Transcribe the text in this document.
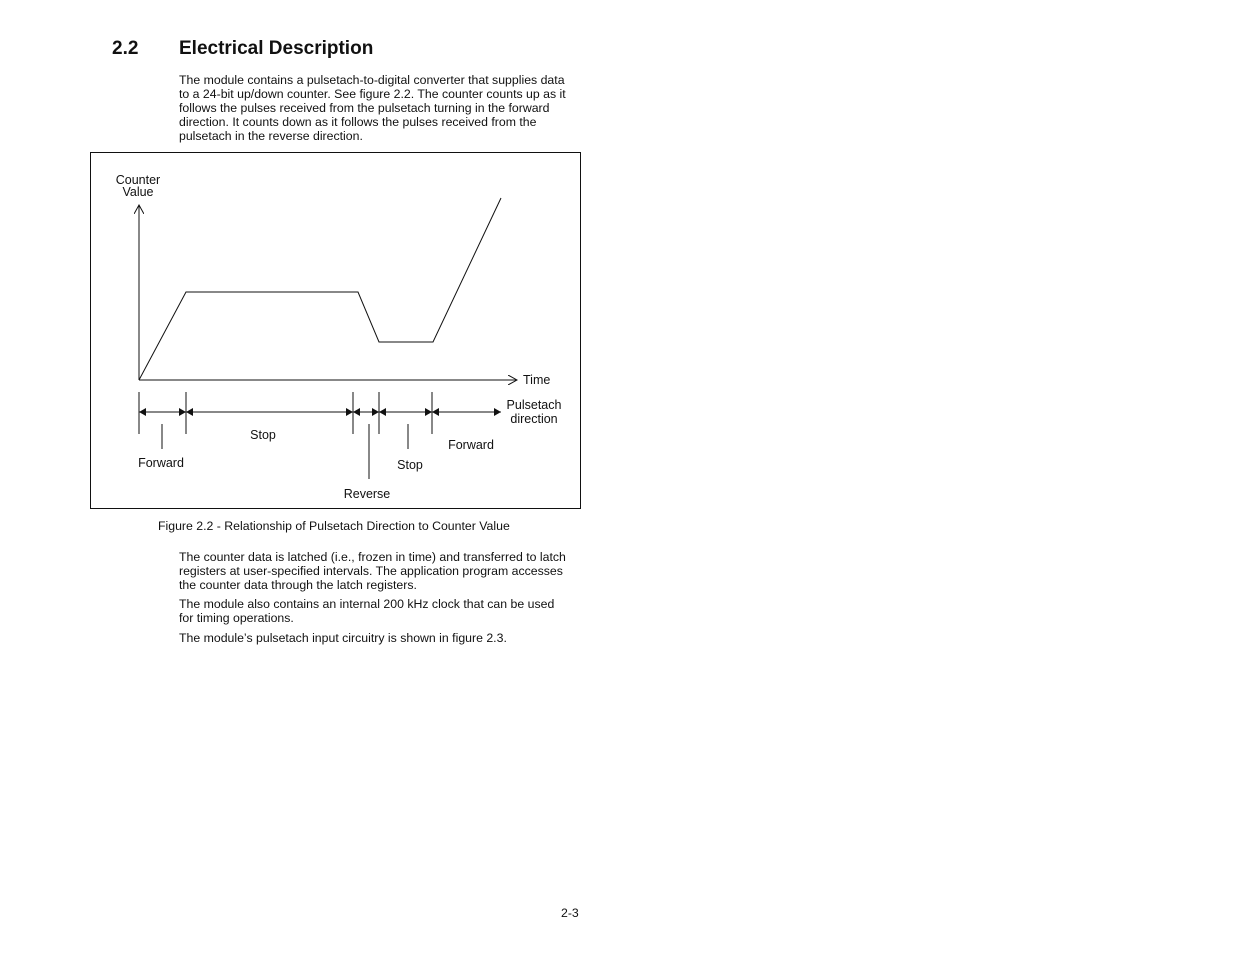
2.2 Electrical Description

The module contains a pulsetach-to-digital converter that supplies data to a 24-bit up/down counter. See figure 2.2. The counter counts up as it follows the pulses received from the pulsetach turning in the forward direction. It counts down as it follows the pulses received from the pulsetach in the reverse direction.

Counter
Value
Time
Pulsetach
direction
Forward
Stop
Reverse
Stop
Forward
Figure 2.2 - Relationship of Pulsetach Direction to Counter Value

The counter data is latched (i.e., frozen in time) and transferred to latch registers at user-specified intervals. The application program accesses the counter data through the latch registers.

The module also contains an internal 200 kHz clock that can be used for timing operations.

The module’s pulsetach input circuitry is shown in figure 2.3.

2-3
